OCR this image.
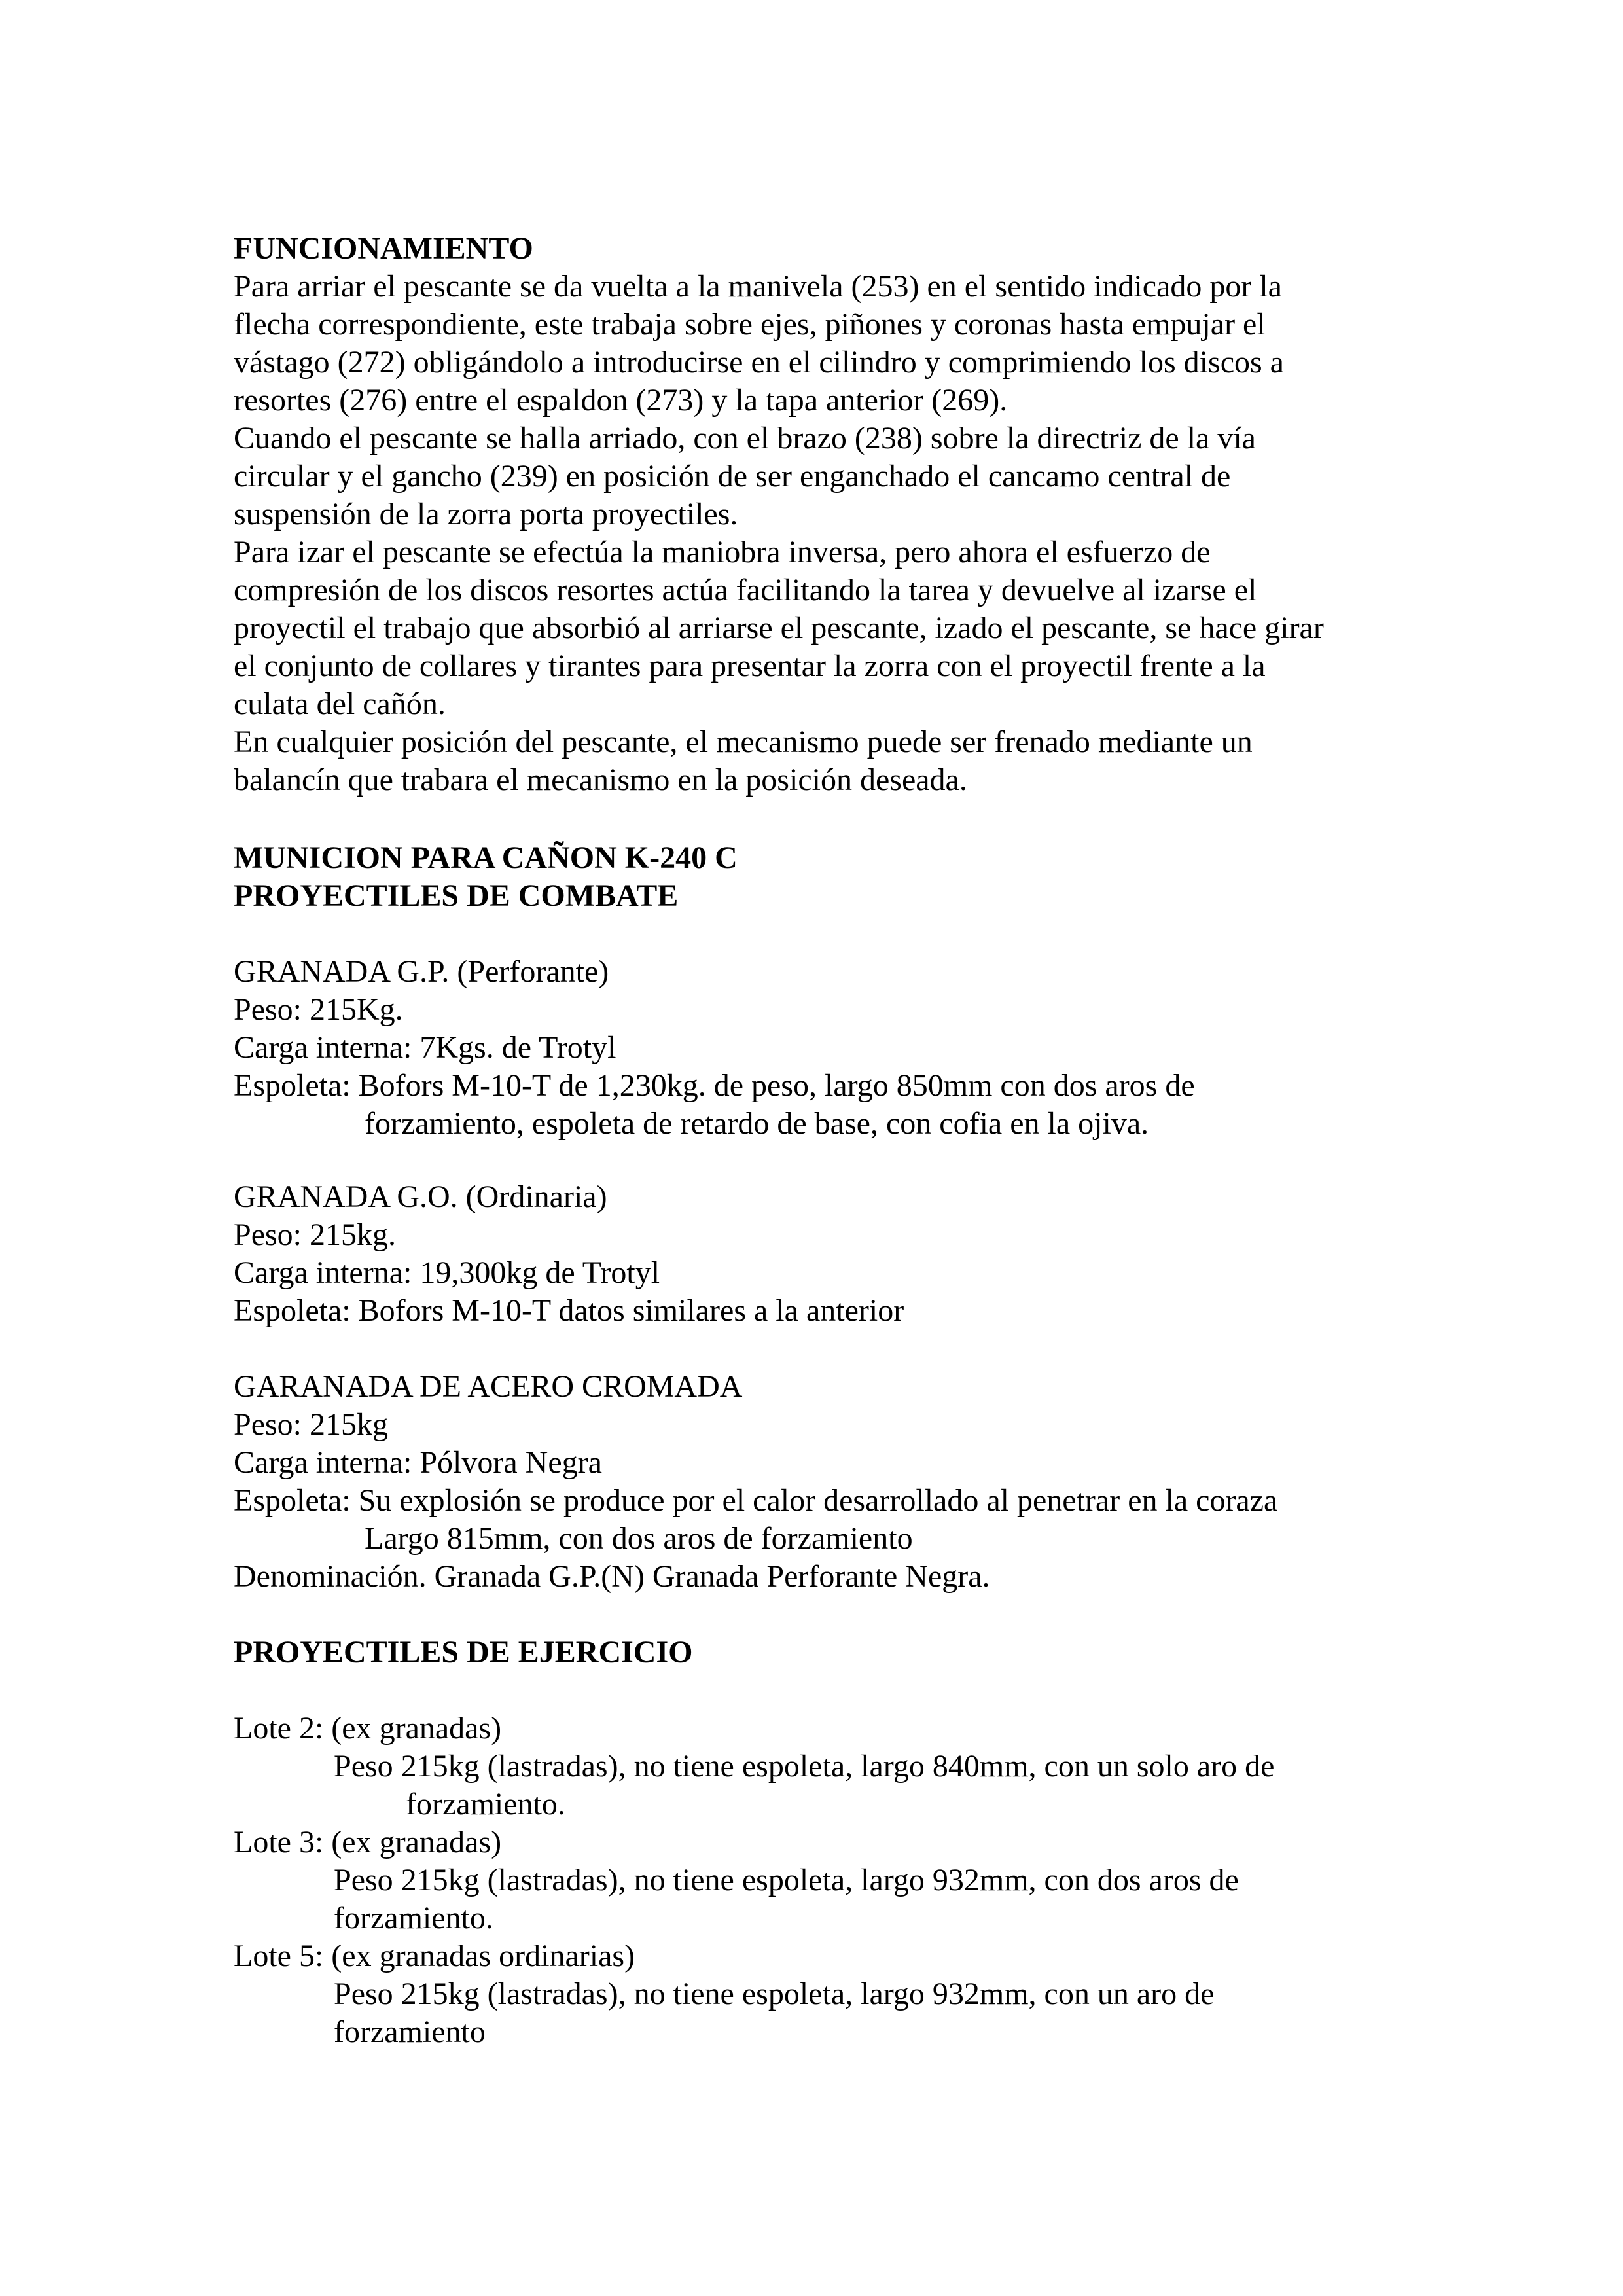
FUNCIONAMIENTO

Para arriar el pescante se da vuelta a la manivela (253) en el sentido indicado por la

flecha correspondiente, este trabaja sobre ejes, piñones y coronas hasta empujar el

vástago (272) obligándolo a introducirse en el cilindro y comprimiendo los discos a

resortes (276) entre el espaldon (273) y la tapa anterior (269).

Cuando el pescante se halla arriado, con el brazo (238) sobre la directriz de la vía

circular y el gancho (239) en posición de ser enganchado el cancamo central de

suspensión de la zorra porta proyectiles.

Para izar el pescante se efectúa la maniobra inversa, pero ahora el esfuerzo de

compresión de los discos resortes actúa facilitando la tarea y devuelve al izarse el

proyectil el trabajo que absorbió al arriarse el pescante, izado el pescante, se hace girar

el conjunto de collares y tirantes para presentar la zorra con el proyectil frente a la

culata del cañón.

En cualquier posición del pescante, el mecanismo puede ser frenado mediante un

balancín que trabara el mecanismo en la posición deseada.

MUNICION PARA CAÑON K-240 C

PROYECTILES DE COMBATE

GRANADA G.P. (Perforante)

Peso: 215Kg.

Carga interna: 7Kgs. de Trotyl

Espoleta: Bofors M-10-T de 1,230kg. de peso, largo 850mm con dos aros de

forzamiento, espoleta de retardo de base, con cofia en la ojiva.

GRANADA G.O. (Ordinaria)

Peso: 215kg.

Carga interna: 19,300kg de Trotyl

Espoleta: Bofors M-10-T datos similares a la anterior

GARANADA DE ACERO CROMADA

Peso: 215kg

Carga interna: Pólvora Negra

Espoleta: Su explosión se produce por el calor desarrollado al penetrar en la coraza

Largo 815mm, con dos aros de forzamiento

Denominación. Granada G.P.(N) Granada Perforante Negra.

PROYECTILES DE EJERCICIO

Lote 2: (ex granadas)

Peso 215kg (lastradas), no tiene espoleta, largo 840mm, con un solo aro de

forzamiento.

Lote 3: (ex granadas)

Peso 215kg (lastradas), no tiene espoleta, largo 932mm, con dos aros de

forzamiento.

Lote 5: (ex granadas ordinarias)

Peso 215kg (lastradas), no tiene espoleta, largo 932mm, con un aro de

forzamiento
